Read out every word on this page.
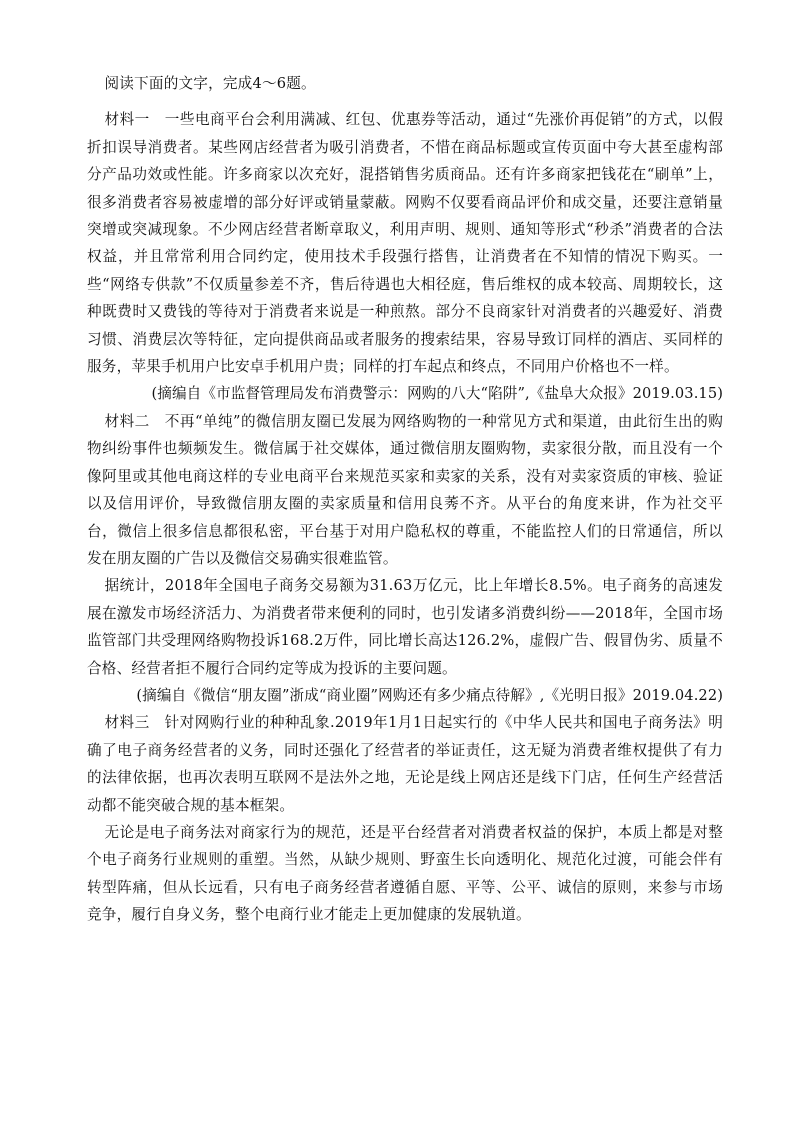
阅读下面的文字，完成4～6题。

材料一　一些电商平台会利用满减、红包、优惠券等活动，通过“先涨价再促销”的方式，以假折扣误导消费者。某些网店经营者为吸引消费者，不惜在商品标题或宣传页面中夸大甚至虚构部分产品功效或性能。许多商家以次充好，混搭销售劣质商品。还有许多商家把钱花在“刷单”上，很多消费者容易被虚增的部分好评或销量蒙蔽。网购不仅要看商品评价和成交量，还要注意销量突增或突减现象。不少网店经营者断章取义，利用声明、规则、通知等形式“秒杀”消费者的合法权益，并且常常利用合同约定，使用技术手段强行搭售，让消费者在不知情的情况下购买。一些“网络专供款”不仅质量参差不齐，售后待遇也大相径庭，售后维权的成本较高、周期较长，这种既费时又费钱的等待对于消费者来说是一种煎熬。部分不良商家针对消费者的兴趣爱好、消费习惯、消费层次等特征，定向提供商品或者服务的搜索结果，容易导致订同样的酒店、买同样的服务，苹果手机用户比安卓手机用户贵；同样的打车起点和终点，不同用户价格也不一样。

(摘编自《市监督管理局发布消费警示：网购的八大“陷阱”,《盐阜大众报》2019.03.15)

材料二　不再“单纯”的微信朋友圈已发展为网络购物的一种常见方式和渠道，由此衍生出的购物纠纷事件也频频发生。微信属于社交媒体，通过微信朋友圈购物，卖家很分散，而且没有一个像阿里或其他电商这样的专业电商平台来规范买家和卖家的关系，没有对卖家资质的审核、验证以及信用评价，导致微信朋友圈的卖家质量和信用良莠不齐。从平台的角度来讲，作为社交平台，微信上很多信息都很私密，平台基于对用户隐私权的尊重，不能监控人们的日常通信，所以发在朋友圈的广告以及微信交易确实很难监管。

据统计，2018年全国电子商务交易额为31.63万亿元，比上年增长8.5%。电子商务的高速发展在激发市场经济活力、为消费者带来便利的同时，也引发诸多消费纠纷——2018年，全国市场监管部门共受理网络购物投诉168.2万件，同比增长高达126.2%，虚假广告、假冒伪劣、质量不合格、经营者拒不履行合同约定等成为投诉的主要问题。

(摘编自《微信“朋友圈”浙成“商业圈”网购还有多少痛点待解》,《光明日报》2019.04.22)

材料三　针对网购行业的种种乱象.2019年1月1日起实行的《中华人民共和国电子商务法》明确了电子商务经营者的义务，同时还强化了经营者的举证责任，这无疑为消费者维权提供了有力的法律依据，也再次表明互联网不是法外之地，无论是线上网店还是线下门店，任何生产经营活动都不能突破合规的基本框架。

无论是电子商务法对商家行为的规范，还是平台经营者对消费者权益的保护，本质上都是对整个电子商务行业规则的重塑。当然，从缺少规则、野蛮生长向透明化、规范化过渡，可能会伴有转型阵痛，但从长远看，只有电子商务经营者遵循自愿、平等、公平、诚信的原则，来参与市场竞争，履行自身义务，整个电商行业才能走上更加健康的发展轨道。
